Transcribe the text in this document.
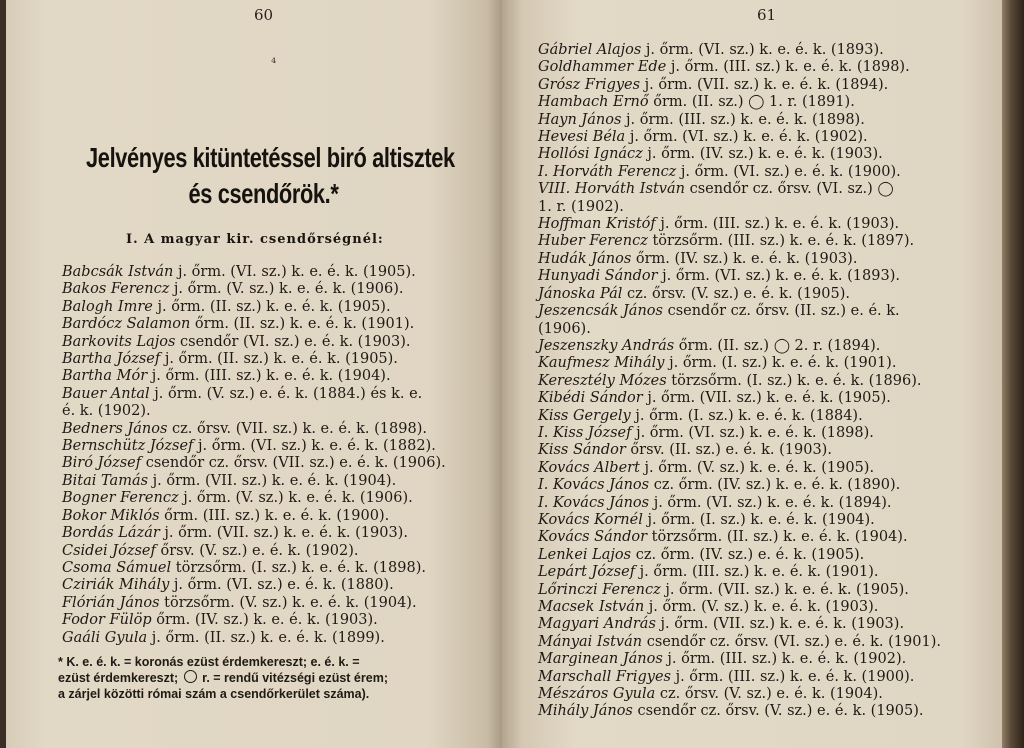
60
⁴
Jelvényes kitüntetéssel biró altisztek
és csendőrök.*
I. A magyar kir. csendőrségnél:
Babcsák István j. őrm. (VI. sz.) k. e. é. k. (1905).
Bakos Ferencz j. őrm. (V. sz.) k. e. é. k. (1906).
Balogh Imre j. őrm. (II. sz.) k. e. é. k. (1905).
Bardócz Salamon őrm. (II. sz.) k. e. é. k. (1901).
Barkovits Lajos csendőr (VI. sz.) e. é. k. (1903).
Bartha József j. őrm. (II. sz.) k. e. é. k. (1905).
Bartha Mór j. őrm. (III. sz.) k. e. é. k. (1904).
Bauer Antal j. őrm. (V. sz.) e. é. k. (1884.) és k. e.
é. k. (1902).
Bedners János cz. őrsv. (VII. sz.) k. e. é. k. (1898).
Bernschütz József j. őrm. (VI. sz.) k. e. é. k. (1882).
Biró József csendőr cz. őrsv. (VII. sz.) e. é. k. (1906).
Bitai Tamás j. őrm. (VII. sz.) k. e. é. k. (1904).
Bogner Ferencz j. őrm. (V. sz.) k. e. é. k. (1906).
Bokor Miklós őrm. (III. sz.) k. e. é. k. (1900).
Bordás Lázár j. őrm. (VII. sz.) k. e. é. k. (1903).
Csidei József őrsv. (V. sz.) e. é. k. (1902).
Csoma Sámuel törzsőrm. (I. sz.) k. e. é. k. (1898).
Cziriák Mihály j. őrm. (VI. sz.) e. é. k. (1880).
Flórián János törzsőrm. (V. sz.) k. e. é. k. (1904).
Fodor Fülöp őrm. (IV. sz.) k. e. é. k. (1903).
Gaáli Gyula j. őrm. (II. sz.) k. e. é. k. (1899).
* K. e. é. k. = koronás ezüst érdemkereszt; e. é. k. =
ezüst érdemkereszt;  r. = rendű vitézségi ezüst érem;
a zárjel közötti római szám a csendőrkerület száma).
61
Gábriel Alajos j. őrm. (VI. sz.) k. e. é. k. (1893).
Goldhammer Ede j. őrm. (III. sz.) k. e. é. k. (1898).
Grósz Frigyes j. őrm. (VII. sz.) k. e. é. k. (1894).
Hambach Ernő őrm. (II. sz.) ◯ 1. r. (1891).
Hayn János j. őrm. (III. sz.) k. e. é. k. (1898).
Hevesi Béla j. őrm. (VI. sz.) k. e. é. k. (1902).
Hollósi Ignácz j. őrm. (IV. sz.) k. e. é. k. (1903).
I. Horváth Ferencz j. őrm. (VI. sz.) e. é. k. (1900).
VIII. Horváth István csendőr cz. őrsv. (VI. sz.) ◯
1. r. (1902).
Hoffman Kristóf j. őrm. (III. sz.) k. e. é. k. (1903).
Huber Ferencz törzsőrm. (III. sz.) k. e. é. k. (1897).
Hudák János őrm. (IV. sz.) k. e. é. k. (1903).
Hunyadi Sándor j. őrm. (VI. sz.) k. e. é. k. (1893).
Jánoska Pál cz. őrsv. (V. sz.) e. é. k. (1905).
Jeszencsák János csendőr cz. őrsv. (II. sz.) e. é. k.
(1906).
Jeszenszky András őrm. (II. sz.) ◯ 2. r. (1894).
Kaufmesz Mihály j. őrm. (I. sz.) k. e. é. k. (1901).
Keresztély Mózes törzsőrm. (I. sz.) k. e. é. k. (1896).
Kibédi Sándor j. őrm. (VII. sz.) k. e. é. k. (1905).
Kiss Gergely j. őrm. (I. sz.) k. e. é. k. (1884).
I. Kiss József j. őrm. (VI. sz.) k. e. é. k. (1898).
Kiss Sándor őrsv. (II. sz.) e. é. k. (1903).
Kovács Albert j. őrm. (V. sz.) k. e. é. k. (1905).
I. Kovács János cz. őrm. (IV. sz.) k. e. é. k. (1890).
I. Kovács János j. őrm. (VI. sz.) k. e. é. k. (1894).
Kovács Kornél j. őrm. (I. sz.) k. e. é. k. (1904).
Kovács Sándor törzsőrm. (II. sz.) k. e. é. k. (1904).
Lenkei Lajos cz. őrm. (IV. sz.) e. é. k. (1905).
Lepárt József j. őrm. (III. sz.) k. e. é. k. (1901).
Lőrinczi Ferencz j. őrm. (VII. sz.) k. e. é. k. (1905).
Macsek István j. őrm. (V. sz.) k. e. é. k. (1903).
Magyari András j. őrm. (VII. sz.) k. e. é. k. (1903).
Mányai István csendőr cz. őrsv. (VI. sz.) e. é. k. (1901).
Marginean János j. őrm. (III. sz.) k. e. é. k. (1902).
Marschall Frigyes j. őrm. (III. sz.) k. e. é. k. (1900).
Mészáros Gyula cz. őrsv. (V. sz.) e. é. k. (1904).
Mihály János csendőr cz. őrsv. (V. sz.) e. é. k. (1905).
